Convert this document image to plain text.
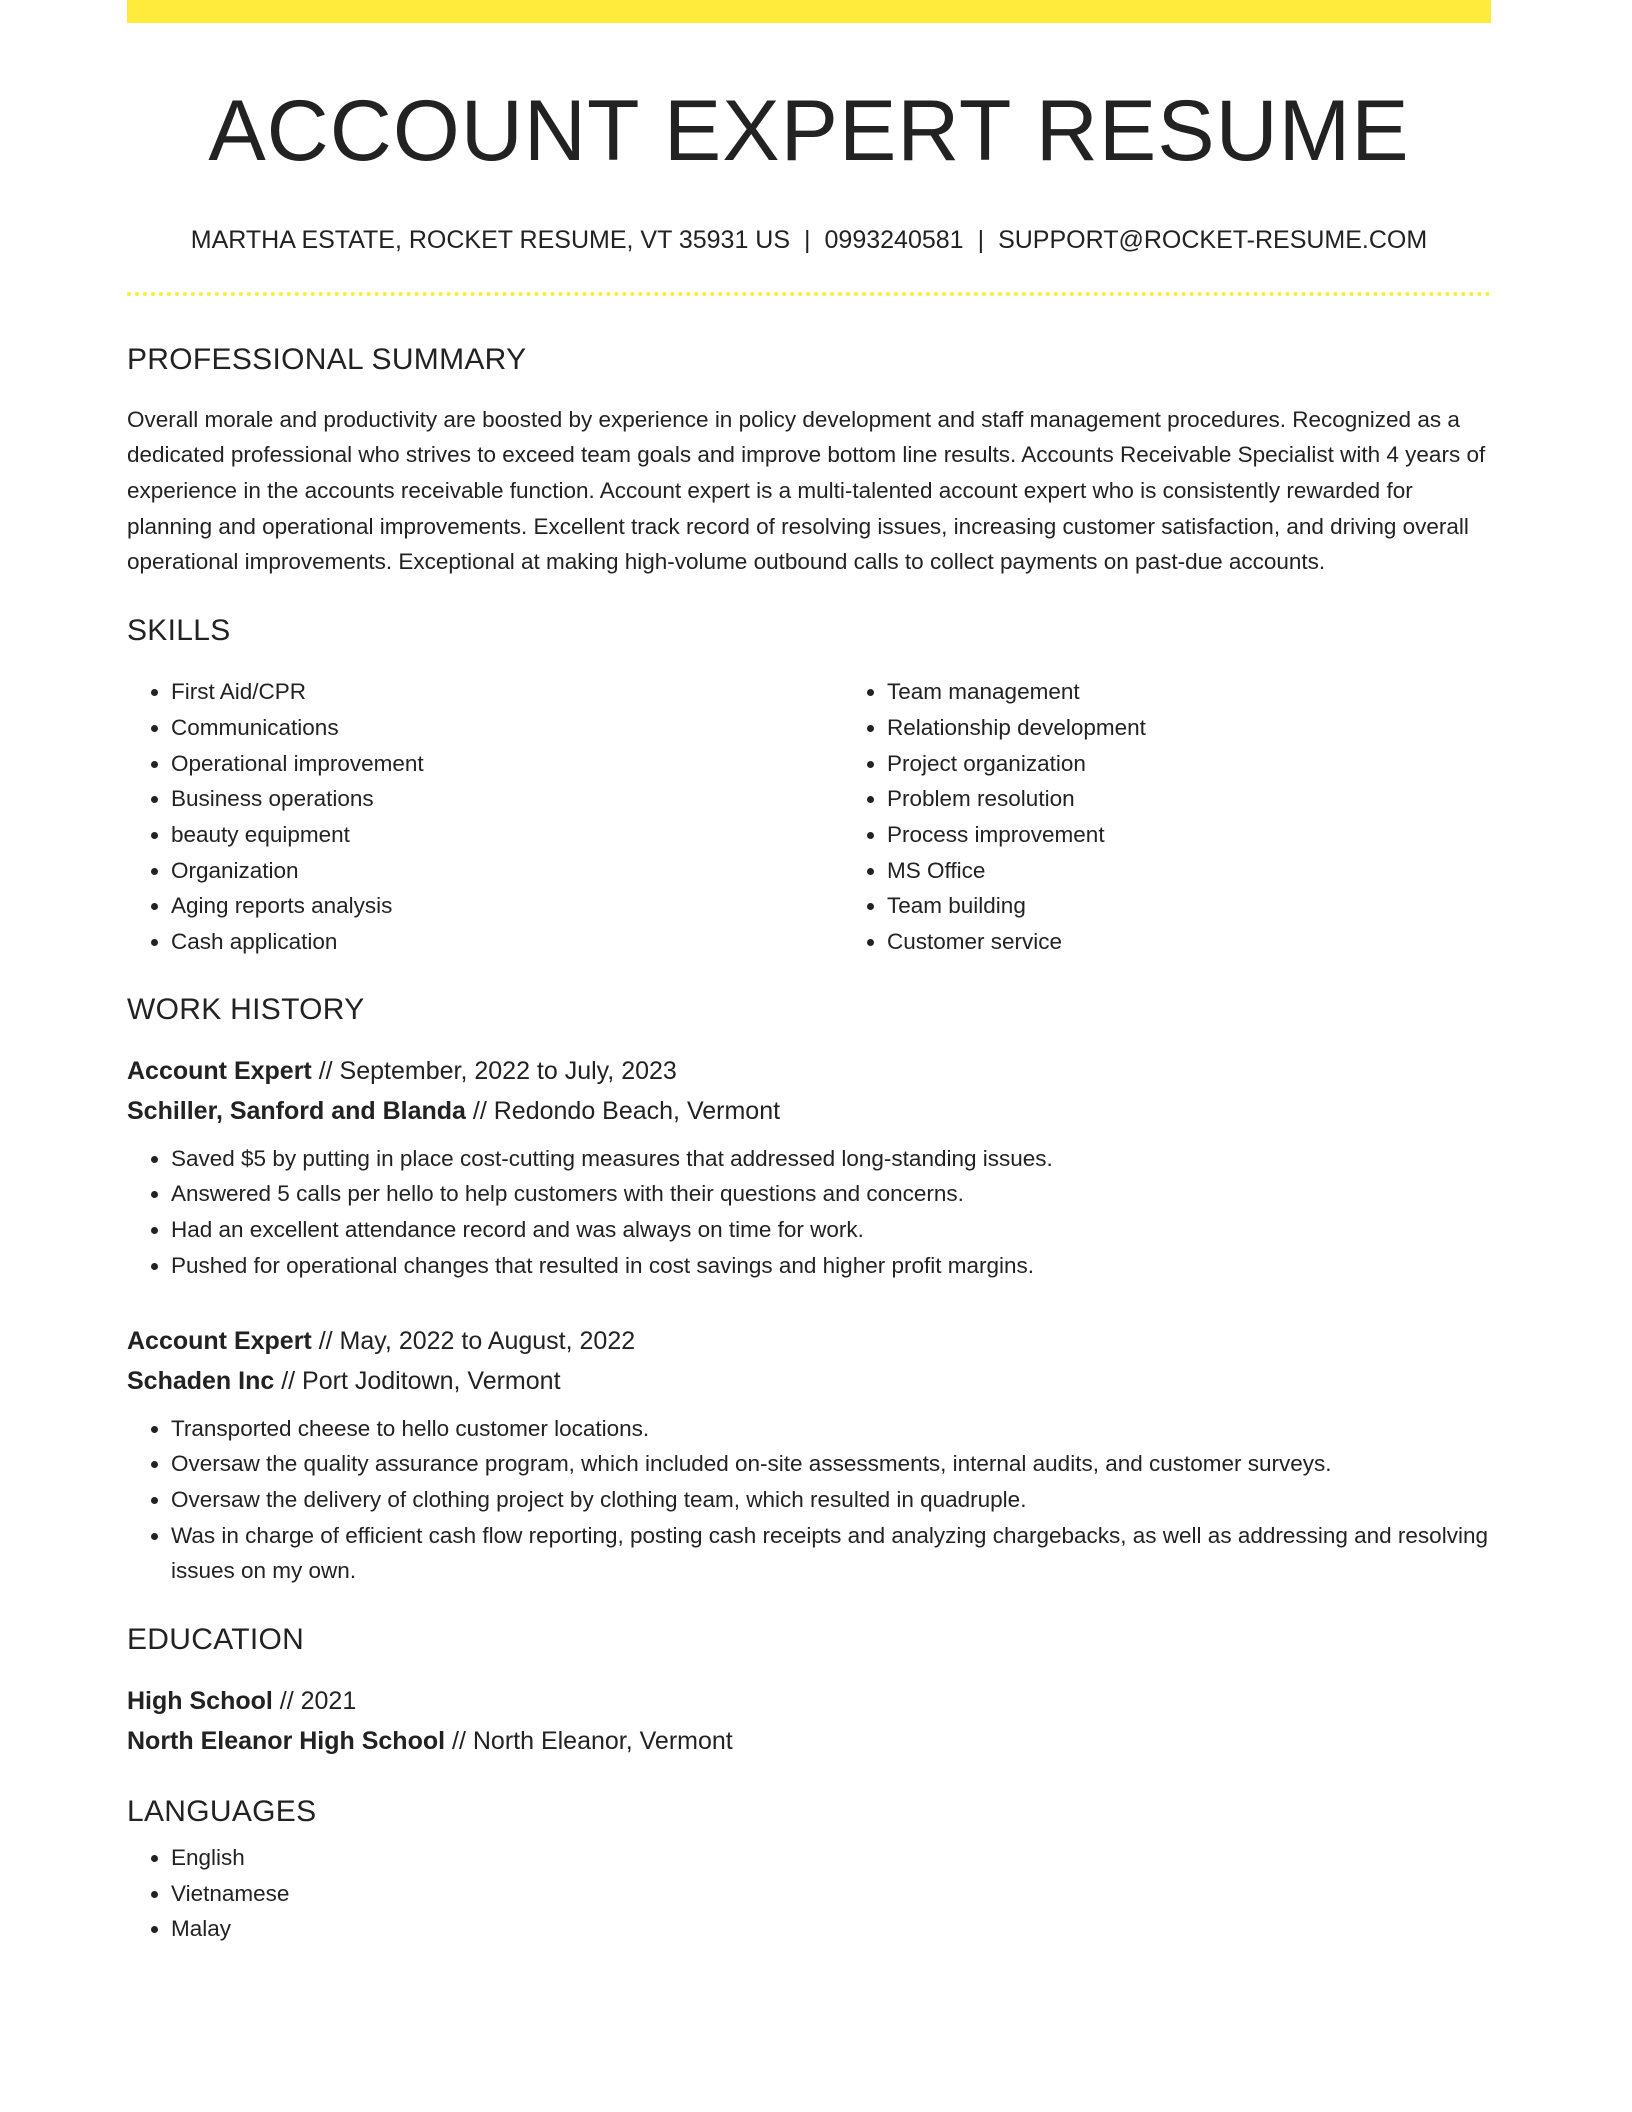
ACCOUNT EXPERT RESUME
MARTHA ESTATE, ROCKET RESUME, VT 35931 US | 0993240581 | SUPPORT@ROCKET-RESUME.COM
PROFESSIONAL SUMMARY

Overall morale and productivity are boosted by experience in policy development and staff management procedures. Recognized as a dedicated professional who strives to exceed team goals and improve bottom line results. Accounts Receivable Specialist with 4 years of experience in the accounts receivable function. Account expert is a multi-talented account expert who is consistently rewarded for planning and operational improvements. Excellent track record of resolving issues, increasing customer satisfaction, and driving overall operational improvements. Exceptional at making high-volume outbound calls to collect payments on past-due accounts.

SKILLS
• First Aid/CPR
• Communications
• Operational improvement
• Business operations
• beauty equipment
• Organization
• Aging reports analysis
• Cash application
• Team management
• Relationship development
• Project organization
• Problem resolution
• Process improvement
• MS Office
• Team building
• Customer service
WORK HISTORY
Account Expert // September, 2022 to July, 2023
Schiller, Sanford and Blanda // Redondo Beach, Vermont
• Saved $5 by putting in place cost-cutting measures that addressed long-standing issues.
• Answered 5 calls per hello to help customers with their questions and concerns.
• Had an excellent attendance record and was always on time for work.
• Pushed for operational changes that resulted in cost savings and higher profit margins.
Account Expert // May, 2022 to August, 2022
Schaden Inc // Port Joditown, Vermont
• Transported cheese to hello customer locations.
• Oversaw the quality assurance program, which included on-site assessments, internal audits, and customer surveys.
• Oversaw the delivery of clothing project by clothing team, which resulted in quadruple.
• Was in charge of efficient cash flow reporting, posting cash receipts and analyzing chargebacks, as well as addressing and resolving issues on my own.
EDUCATION
High School // 2021
North Eleanor High School // North Eleanor, Vermont
LANGUAGES
• English
• Vietnamese
• Malay
